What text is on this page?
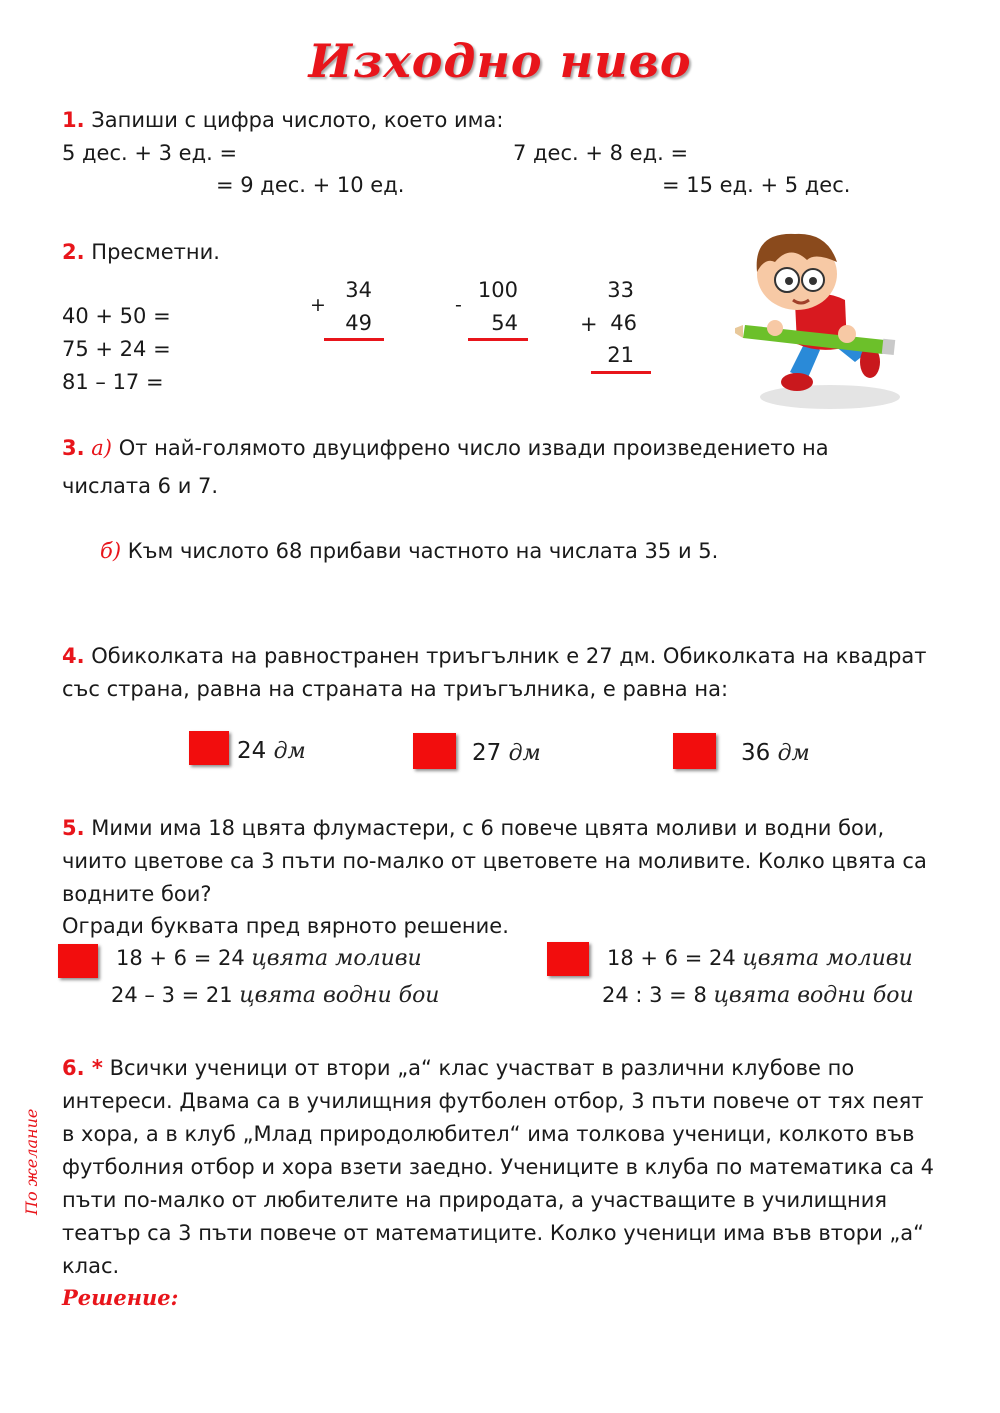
Изходно ниво
1. Запиши с цифра числото, което има:
5 дес. + 3 ед. =	7 дес. + 8 ед. =
= 9 дес. + 10 ед.	= 15 ед. + 5 дес.
2. Пресметни.
40 + 50 =
75 + 24 =
81 – 17 =
+
34
49
-
100
54
33
+ 46
21
3. а) От най-голямото двуцифрено число извади произведението на
числата 6 и 7.
б) Към числото 68 прибави частното на числата 35 и 5.
4. Обиколката на равностранен триъгълник е 27 дм. Обиколката на квадрат със страна, равна на страната на триъгълника, е равна на:
24 дм	27 дм	36 дм
5. Мими има 18 цвята флумастери, с 6 повече цвята моливи и водни бои, чиито цветове са 3 пъти по-малко от цветовете на моливите. Колко цвята са водните бои?
Огради буквата пред вярното решение.
18 + 6 = 24 цвята моливи
24 – 3 = 21 цвята водни бои
18 + 6 = 24 цвята моливи
24 : 3 = 8 цвята водни бои
6. * Всички ученици от втори „а“ клас участват в различни клубове по интереси. Двама са в училищния футболен отбор, 3 пъти повече от тях пеят в хора, а в клуб „Млад природолюбител“ има толкова ученици, колкото във футболния отбор и хора взети заедно. Учениците в клуба по математика са 4 пъти по-малко от любителите на природата, а участващите в училищния театър са 3 пъти повече от математиците. Колко ученици има във втори „а“ клас.
Решение:
По желание
